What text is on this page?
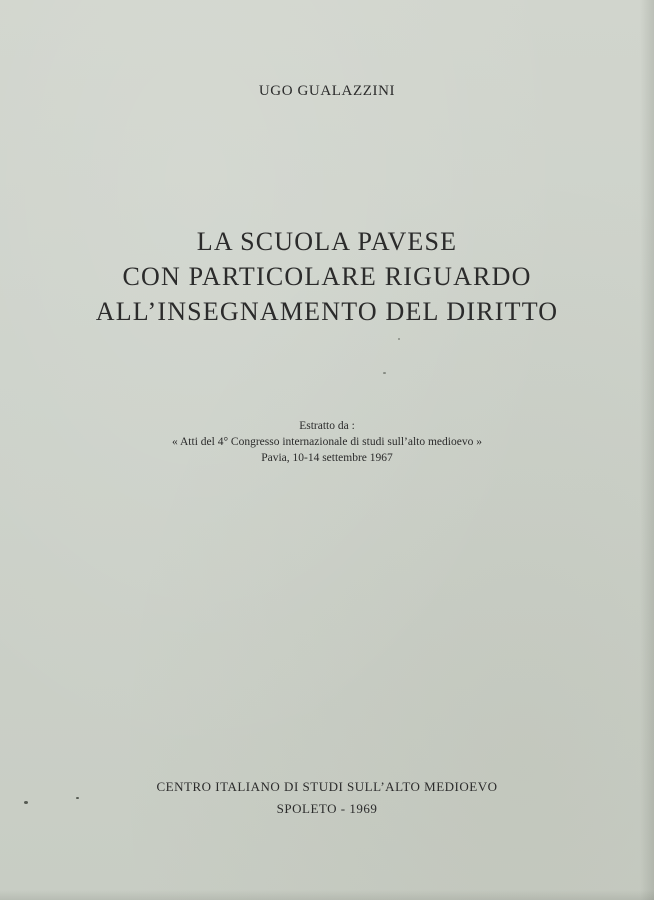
UGO GUALAZZINI
LA SCUOLA PAVESE
CON PARTICOLARE RIGUARDO
ALL’INSEGNAMENTO DEL DIRITTO
Estratto da :
« Atti del 4° Congresso internazionale di studi sull’alto medioevo »
Pavia, 10-14 settembre 1967
CENTRO ITALIANO DI STUDI SULL’ALTO MEDIOEVO
SPOLETO - 1969
